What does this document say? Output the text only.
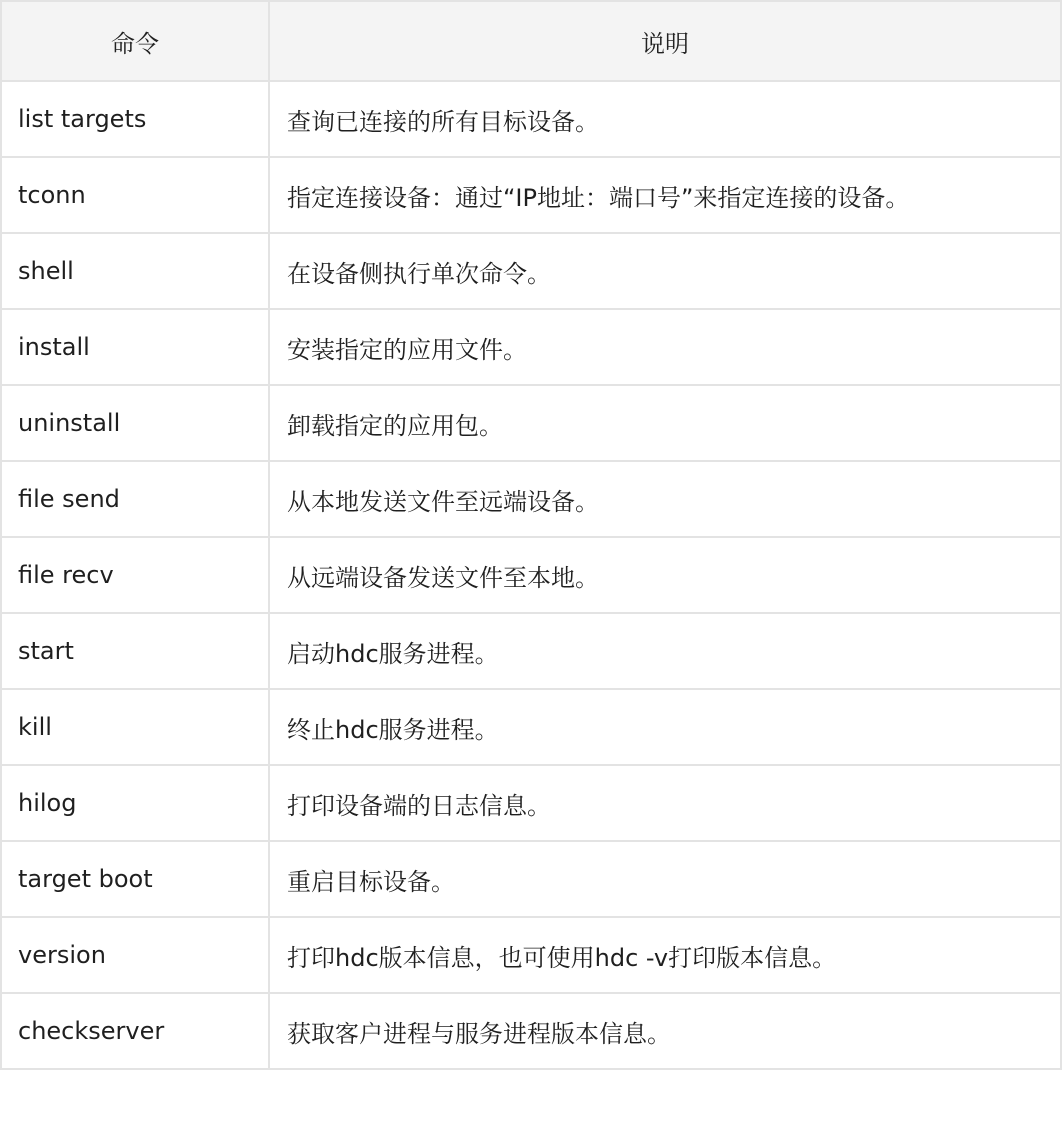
命令	说明
list targets	查询已连接的所有目标设备。
tconn	指定连接设备：通过“IP地址：端口号”来指定连接的设备。
shell	在设备侧执行单次命令。
install	安装指定的应用文件。
uninstall	卸载指定的应用包。
file send	从本地发送文件至远端设备。
file recv	从远端设备发送文件至本地。
start	启动hdc服务进程。
kill	终止hdc服务进程。
hilog	打印设备端的日志信息。
target boot	重启目标设备。
version	打印hdc版本信息，也可使用hdc -v打印版本信息。
checkserver	获取客户进程与服务进程版本信息。
